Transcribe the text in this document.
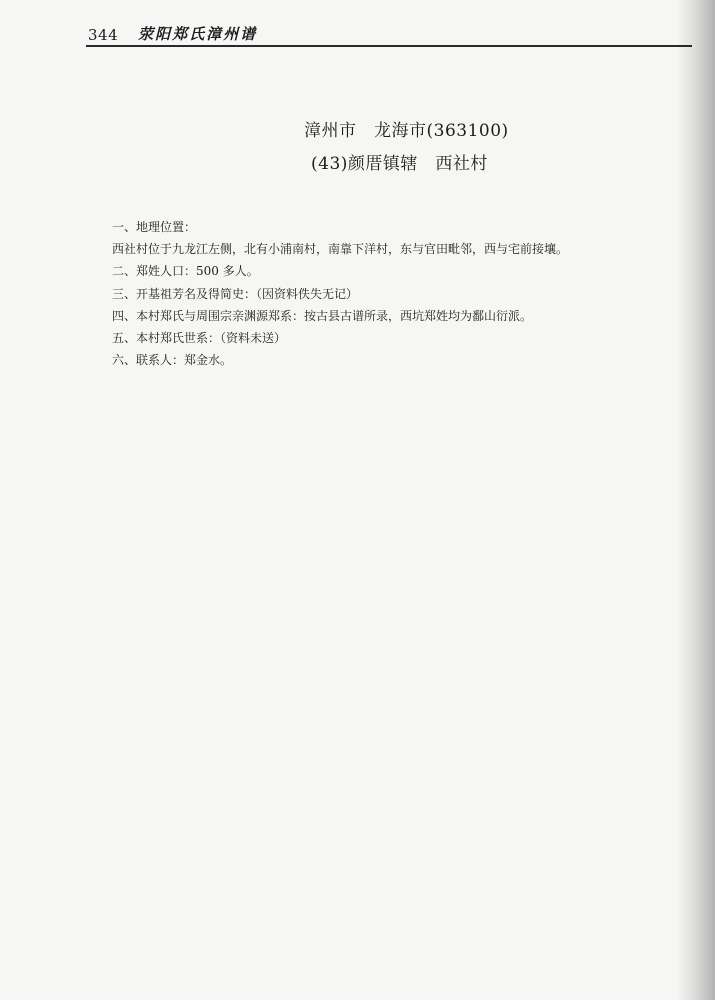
344 荥阳郑氏漳州谱
漳州市　龙海市(363100)
(43)颜厝镇辖　西社村
一、地理位置：
西社村位于九龙江左侧，北有小浦南村，南靠下洋村，东与官田毗邻，西与宅前接壤。
二、郑姓人口：500 多人。
三、开基祖芳名及得简史：（因资料佚失无记）
四、本村郑氏与周围宗亲渊源郑系：按古县古谱所录，西坑郑姓均为鄱山衍派。
五、本村郑氏世系：（资料未送）
六、联系人：郑金水。
